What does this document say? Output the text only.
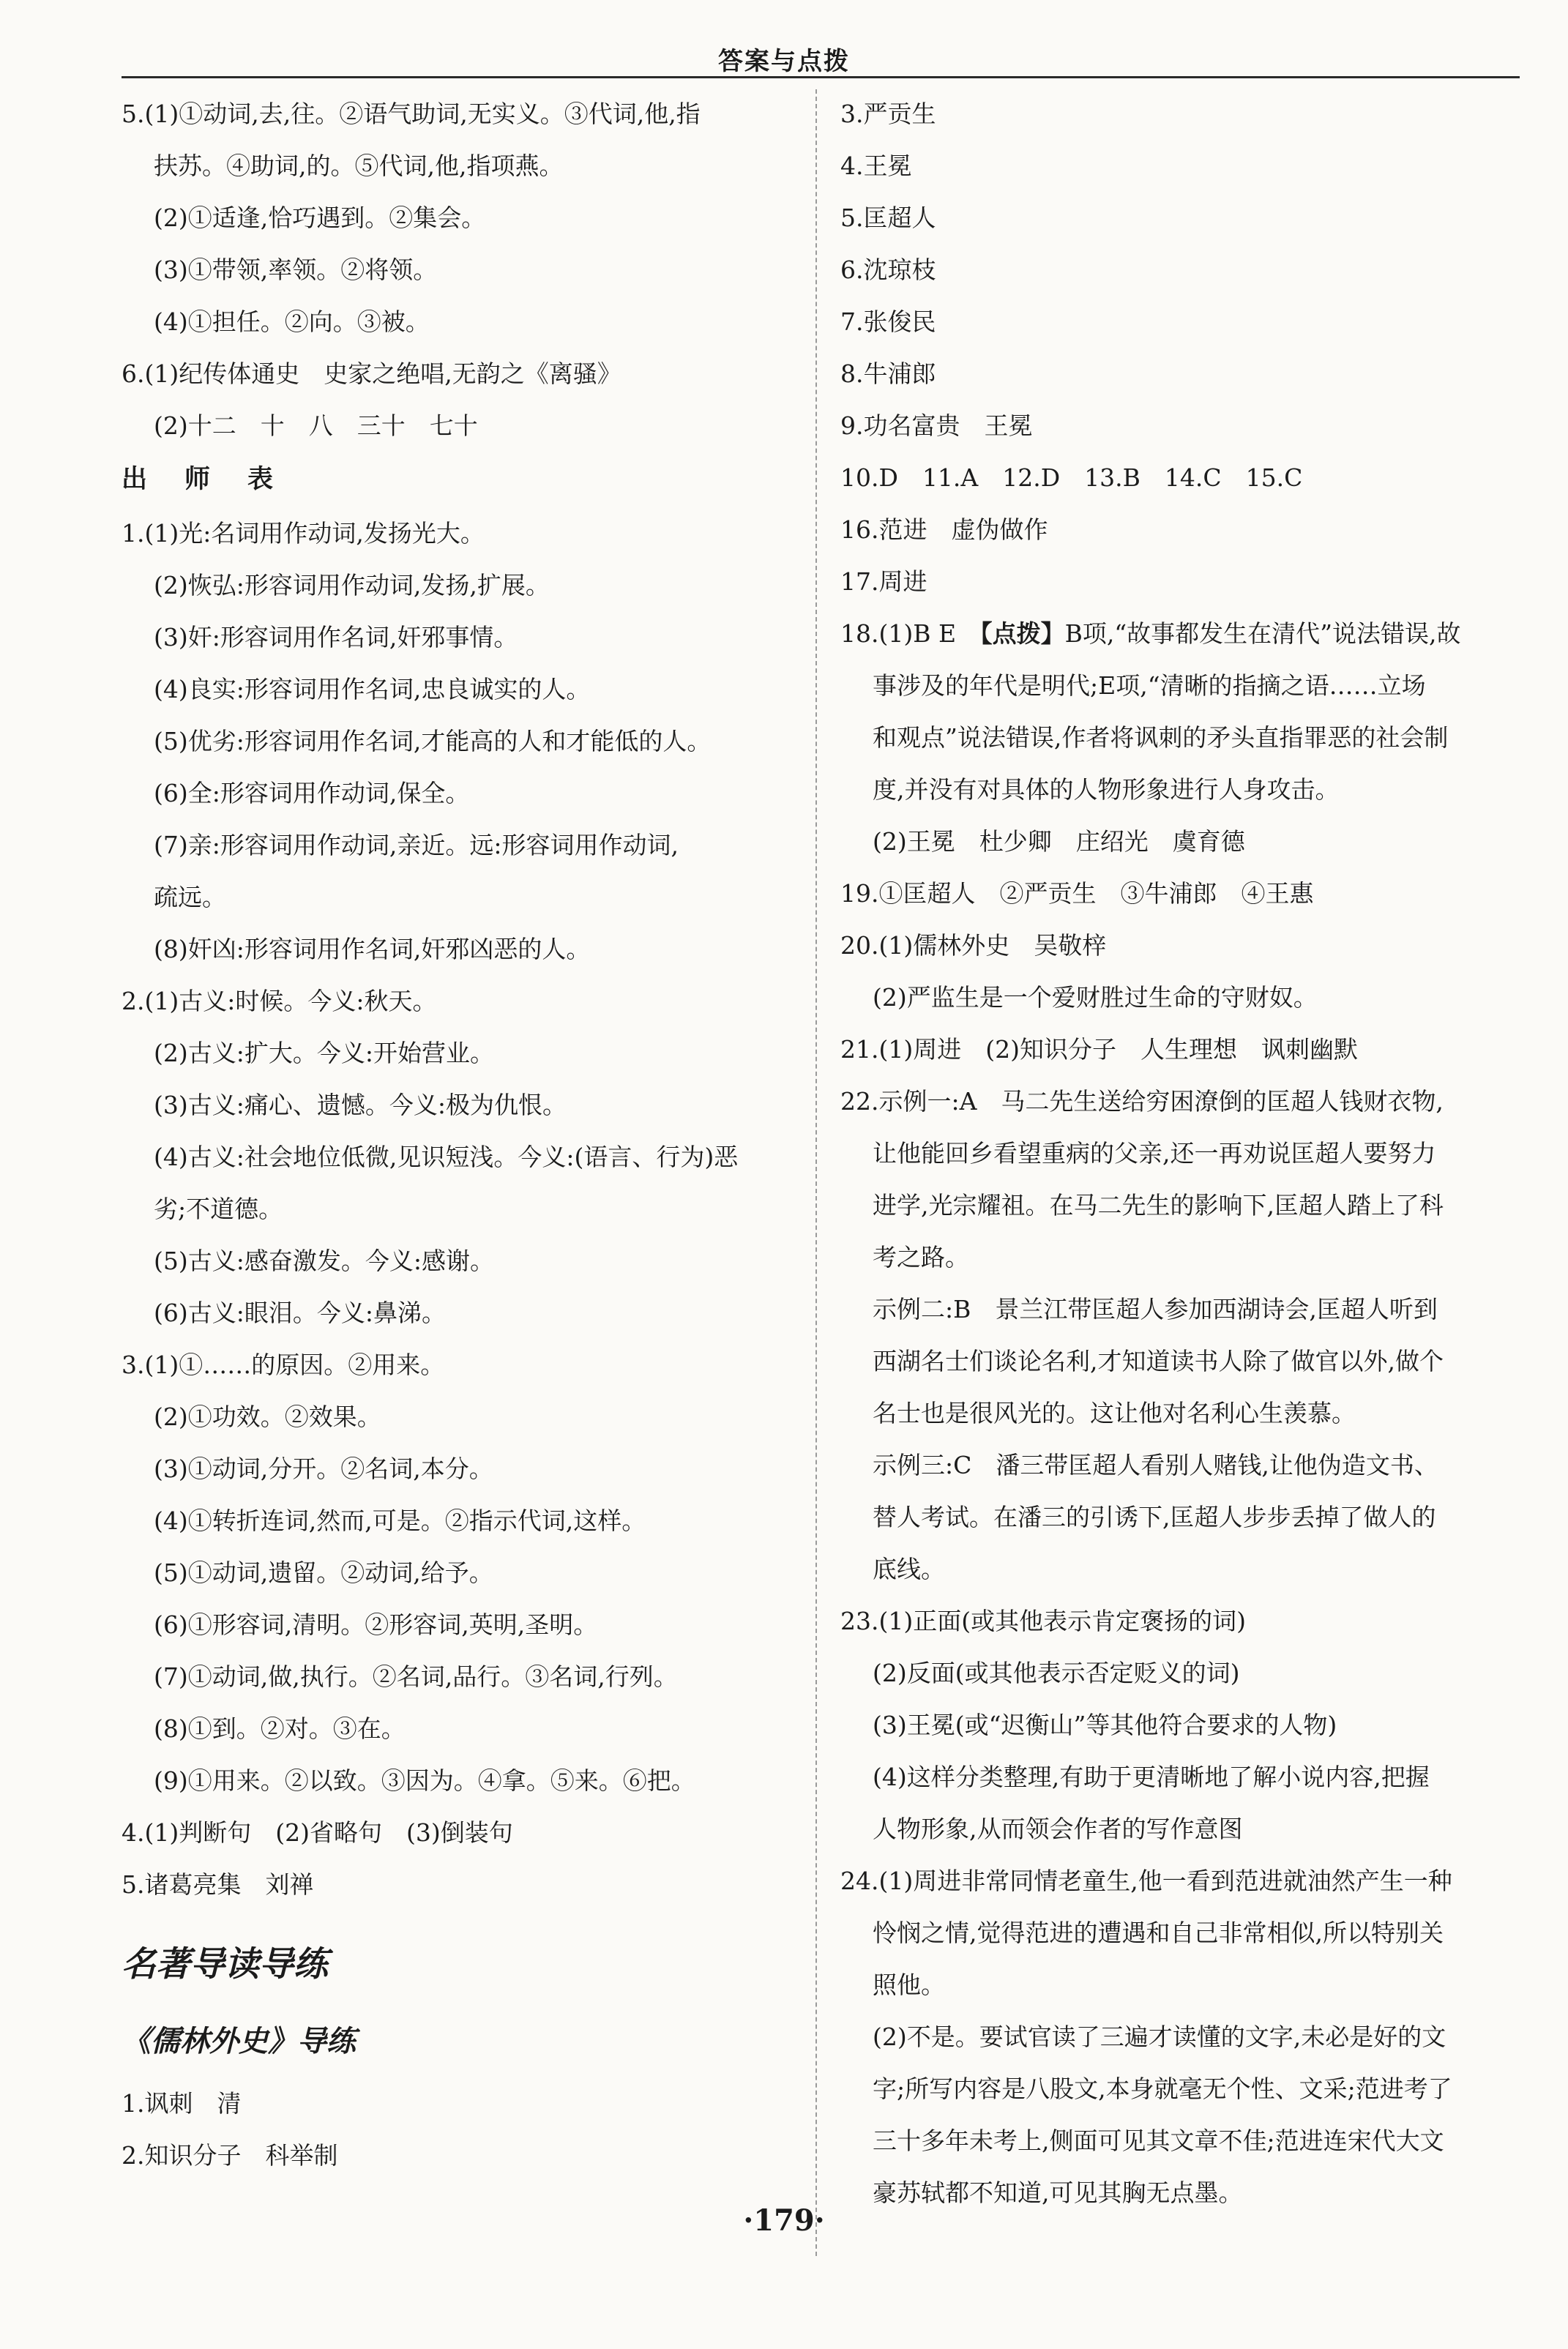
答案与点拨
5.(1)①动词,去,往。②语气助词,无实义。③代词,他,指
扶苏。④助词,的。⑤代词,他,指项燕。
(2)①适逢,恰巧遇到。②集会。
(3)①带领,率领。②将领。
(4)①担任。②向。③被。
6.(1)纪传体通史　史家之绝唱,无韵之《离骚》
(2)十二　十　八　三十　七十
出　师　表
1.(1)光:名词用作动词,发扬光大。
(2)恢弘:形容词用作动词,发扬,扩展。
(3)奸:形容词用作名词,奸邪事情。
(4)良实:形容词用作名词,忠良诚实的人。
(5)优劣:形容词用作名词,才能高的人和才能低的人。
(6)全:形容词用作动词,保全。
(7)亲:形容词用作动词,亲近。远:形容词用作动词,
疏远。
(8)奸凶:形容词用作名词,奸邪凶恶的人。
2.(1)古义:时候。今义:秋天。
(2)古义:扩大。今义:开始营业。
(3)古义:痛心、遗憾。今义:极为仇恨。
(4)古义:社会地位低微,见识短浅。今义:(语言、行为)恶
劣;不道德。
(5)古义:感奋激发。今义:感谢。
(6)古义:眼泪。今义:鼻涕。
3.(1)①……的原因。②用来。
(2)①功效。②效果。
(3)①动词,分开。②名词,本分。
(4)①转折连词,然而,可是。②指示代词,这样。
(5)①动词,遗留。②动词,给予。
(6)①形容词,清明。②形容词,英明,圣明。
(7)①动词,做,执行。②名词,品行。③名词,行列。
(8)①到。②对。③在。
(9)①用来。②以致。③因为。④拿。⑤来。⑥把。
4.(1)判断句　(2)省略句　(3)倒装句
5.诸葛亮集　刘禅
名著导读导练
《儒林外史》导练
1.讽刺　清
2.知识分子　科举制
3.严贡生
4.王冕
5.匡超人
6.沈琼枝
7.张俊民
8.牛浦郎
9.功名富贵　王冕
10.D　11.A　12.D　13.B　14.C　15.C
16.范进　虚伪做作
17.周进
18.(1)B E　【点拨】B项,“故事都发生在清代”说法错误,故
事涉及的年代是明代;E项,“清晰的指摘之语……立场
和观点”说法错误,作者将讽刺的矛头直指罪恶的社会制
度,并没有对具体的人物形象进行人身攻击。
(2)王冕　杜少卿　庄绍光　虞育德
19.①匡超人　②严贡生　③牛浦郎　④王惠
20.(1)儒林外史　吴敬梓
(2)严监生是一个爱财胜过生命的守财奴。
21.(1)周进　(2)知识分子　人生理想　讽刺幽默
22.示例一:A　马二先生送给穷困潦倒的匡超人钱财衣物,
让他能回乡看望重病的父亲,还一再劝说匡超人要努力
进学,光宗耀祖。在马二先生的影响下,匡超人踏上了科
考之路。
示例二:B　景兰江带匡超人参加西湖诗会,匡超人听到
西湖名士们谈论名利,才知道读书人除了做官以外,做个
名士也是很风光的。这让他对名利心生羡慕。
示例三:C　潘三带匡超人看别人赌钱,让他伪造文书、
替人考试。在潘三的引诱下,匡超人步步丢掉了做人的
底线。
23.(1)正面(或其他表示肯定褒扬的词)
(2)反面(或其他表示否定贬义的词)
(3)王冕(或“迟衡山”等其他符合要求的人物)
(4)这样分类整理,有助于更清晰地了解小说内容,把握
人物形象,从而领会作者的写作意图
24.(1)周进非常同情老童生,他一看到范进就油然产生一种
怜悯之情,觉得范进的遭遇和自己非常相似,所以特别关
照他。
(2)不是。要试官读了三遍才读懂的文字,未必是好的文
字;所写内容是八股文,本身就毫无个性、文采;范进考了
三十多年未考上,侧面可见其文章不佳;范进连宋代大文
豪苏轼都不知道,可见其胸无点墨。
·179·
